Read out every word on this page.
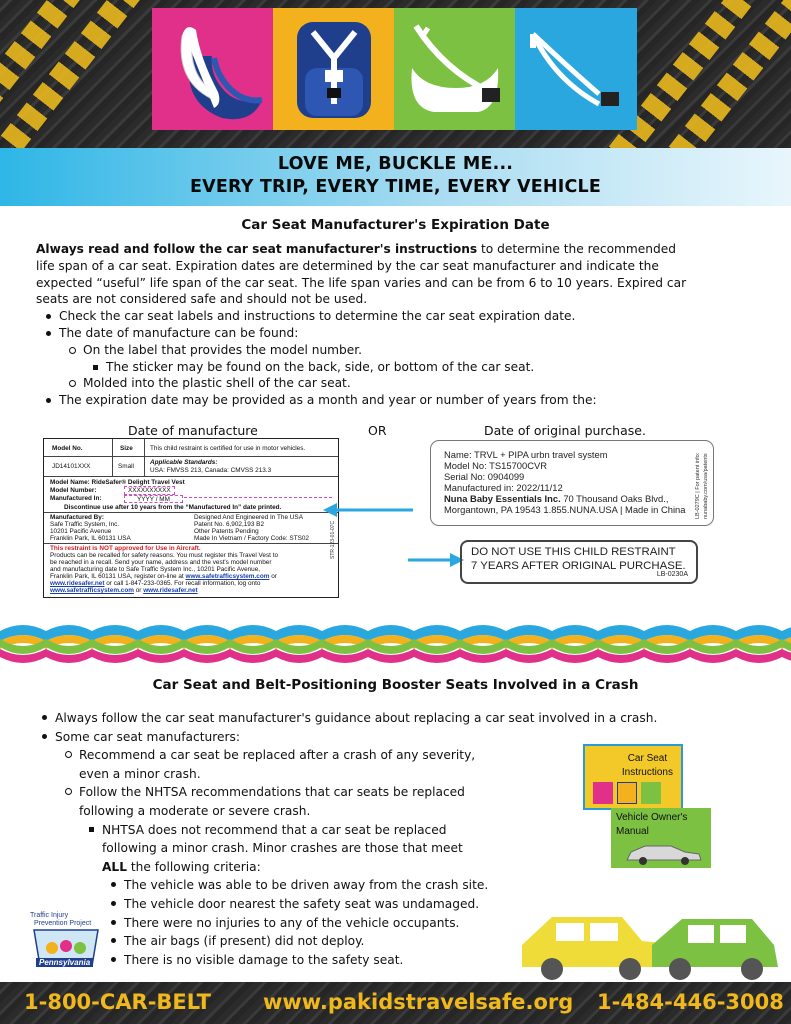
LOVE ME, BUCKLE ME...
EVERY TRIP, EVERY TIME, EVERY VEHICLE
Car Seat Manufacturer's Expiration Date
Always read and follow the car seat manufacturer's instructions to determine the recommended
life span of a car seat. Expiration dates are determined by the car seat manufacturer and indicate the
expected “useful” life span of the car seat. The life span varies and can be from 6 to 10 years. Expired car
seats are not considered safe and should not be used.
Check the car seat labels and instructions to determine the car seat expiration date.
The date of manufacture can be found:
On the label that provides the model number.
The sticker may be found on the back, side, or bottom of the car seat.
Molded into the plastic shell of the car seat.
The expiration date may be provided as a month and year or number of years from the:
Date of manufacture	OR	Date of original purchase.
Model No.	Size	This child restraint is certified for use in motor vehicles.
JD14101XXX	Small
Applicable Standards:
USA: FMVSS 213, Canada: CMVSS 213.3
Model Name: RideSafer® Delight Travel Vest
Model Number:	XXXXXXXXXX
Manufactured In:	YYYY / MM
Discontinue use after 10 years from the “Manufactured In” date printed.
Manufactured By:
Safe Traffic System, Inc.
10201 Pacific Avenue
Franklin Park, IL 60131 USA
Designed And Engineered In The USA
Patent No. 6,902,193 B2
Other Patents Pending
Made In Vietnam / Factory Code: STS02
This restraint is NOT approved for Use in Aircraft.
Products can be recalled for safety reasons. You must register this Travel Vest to
be reached in a recall. Send your name, address and the vest's model number
and manufacturing date to Safe Traffic System Inc., 10201 Pacific Avenue,
Franklin Park, IL 60131 USA, register on-line at www.safetrafficsystem.com or
www.ridesafer.net or call 1-847-233-0365. For recall information, log onto
www.safetrafficsystem.com or www.ridesafer.net
STR-123-01-07C
Name: TRVL + PIPA urbn travel system
Model No: TS15700CVR
Serial No: 0904099
Manufactured in: 2022/11/12
Nuna Baby Essentials Inc. 70 Thousand Oaks Blvd.,
Morgantown, PA 19543 1.855.NUNA.USA | Made in China	LB-0279C | For patent info: nunababy.com/usa/patents
DO NOT USE THIS CHILD RESTRAINT
7 YEARS AFTER ORIGINAL PURCHASE.
LB-0230A
Car Seat and Belt-Positioning Booster Seats Involved in a Crash
Always follow the car seat manufacturer's guidance about replacing a car seat involved in a crash.
Some car seat manufacturers:
Recommend a car seat be replaced after a crash of any severity,
even a minor crash.
Follow the NHTSA recommendations that car seats be replaced
following a moderate or severe crash.
NHTSA does not recommend that a car seat be replaced
following a minor crash. Minor crashes are those that meet
ALL the following criteria:
The vehicle was able to be driven away from the crash site.
The vehicle door nearest the safety seat was undamaged.
There were no injuries to any of the vehicle occupants.
The air bags (if present) did not deploy.
There is no visible damage to the safety seat.
Car Seat
Instructions
Vehicle Owner's
Manual
Traffic Injury
Prevention Project
Pennsylvania
1-800-CAR-BELT www.pakidstravelsafe.org 1-484-446-3008
